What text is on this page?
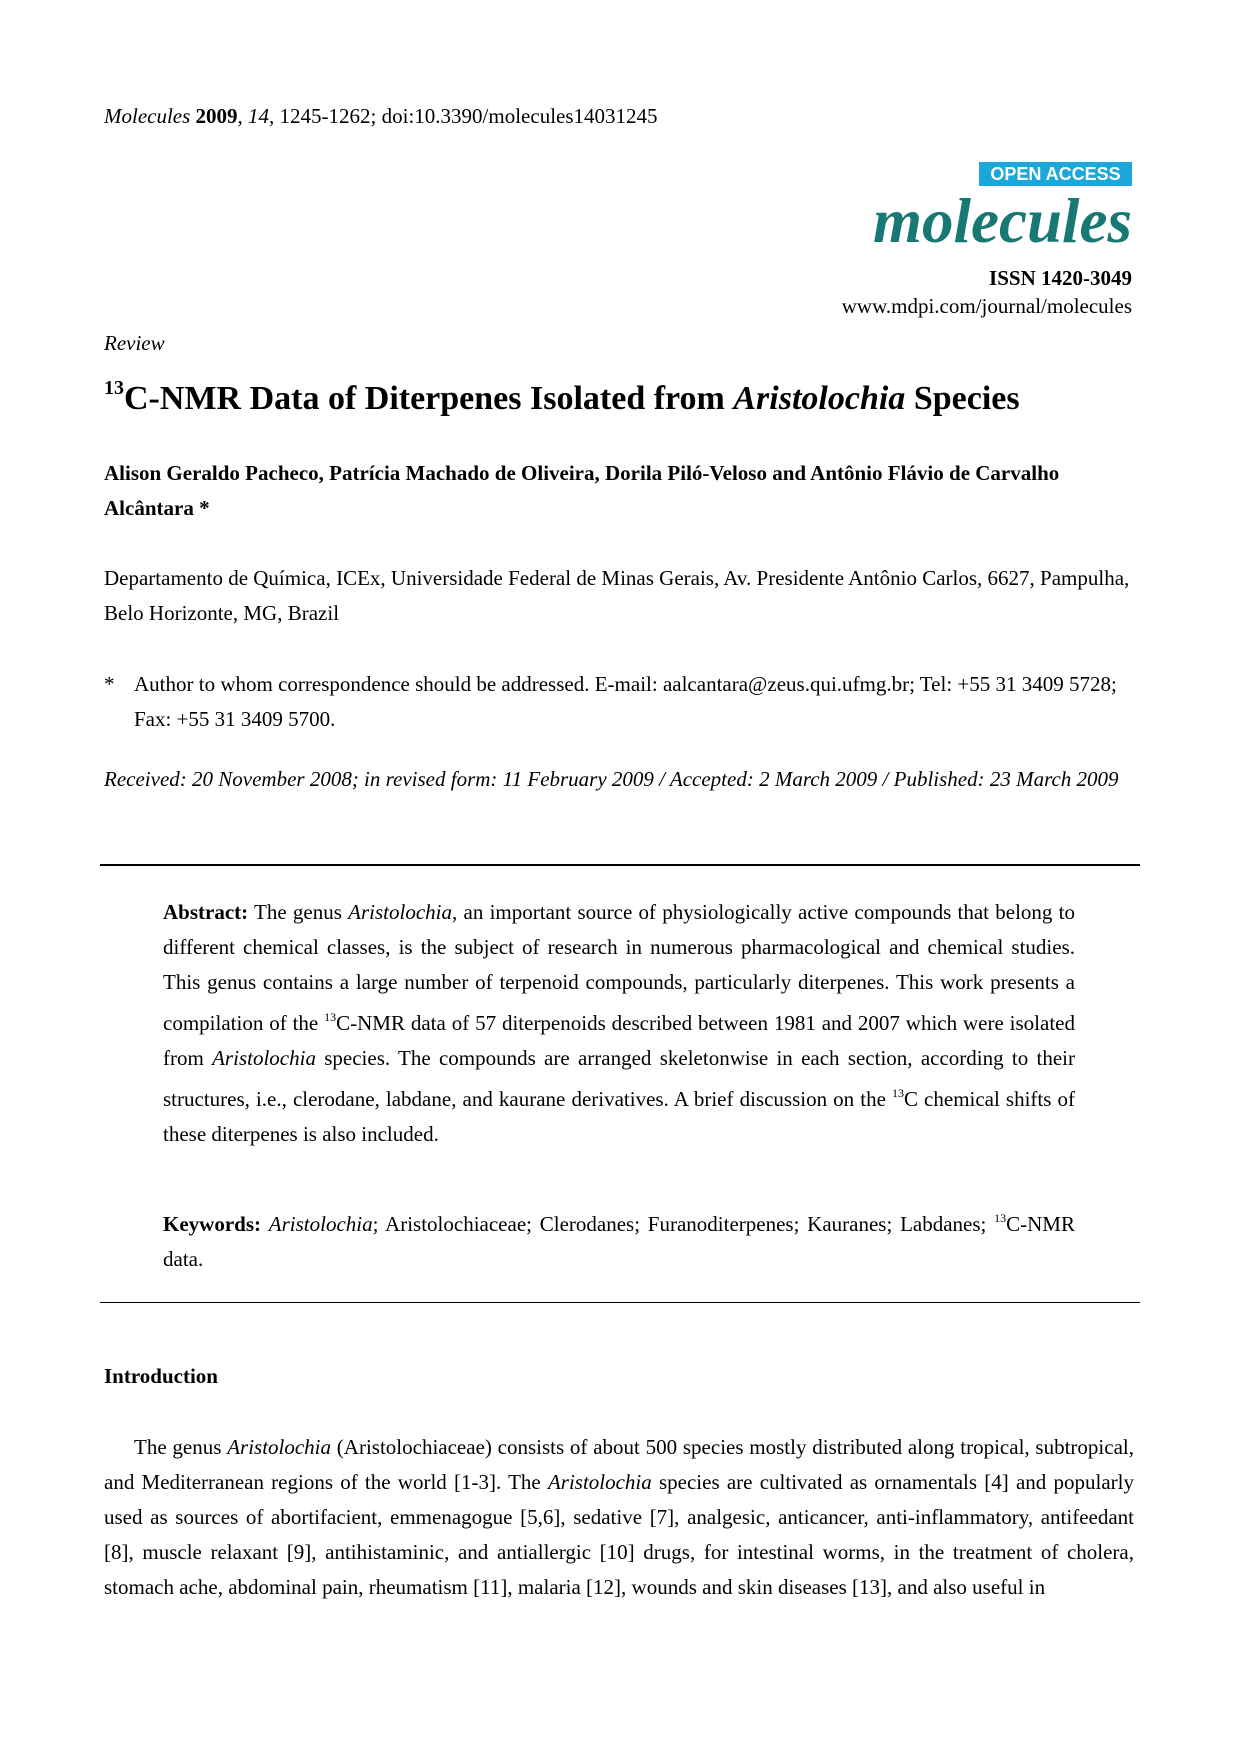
Molecules 2009, 14, 1245-1262; doi:10.3390/molecules14031245
OPEN ACCESS
molecules
ISSN 1420-3049
www.mdpi.com/journal/molecules
Review
$^{13}$C-NMR Data of Diterpenes Isolated from Aristolochia Species
Alison Geraldo Pacheco, Patrícia Machado de Oliveira, Dorila Piló-Veloso and Antônio Flávio de Carvalho Alcântara *
Departamento de Química, ICEx, Universidade Federal de Minas Gerais, Av. Presidente Antônio Carlos, 6627, Pampulha, Belo Horizonte, MG, Brazil
* Author to whom correspondence should be addressed. E-mail: aalcantara@zeus.qui.ufmg.br; Tel: +55 31 3409 5728; Fax: +55 31 3409 5700.
Received: 20 November 2008; in revised form: 11 February 2009 / Accepted: 2 March 2009 / Published: 23 March 2009
Abstract: The genus Aristolochia, an important source of physiologically active compounds that belong to different chemical classes, is the subject of research in numerous pharmacological and chemical studies. This genus contains a large number of terpenoid compounds, particularly diterpenes. This work presents a compilation of the $^{13}$C-NMR data of 57 diterpenoids described between 1981 and 2007 which were isolated from Aristolochia species. The compounds are arranged skeletonwise in each section, according to their structures, i.e., clerodane, labdane, and kaurane derivatives. A brief discussion on the $^{13}$C chemical shifts of these diterpenes is also included.
Keywords: Aristolochia; Aristolochiaceae; Clerodanes; Furanoditerpenes; Kauranes; Labdanes; $^{13}$C-NMR data.
Introduction
The genus Aristolochia (Aristolochiaceae) consists of about 500 species mostly distributed along tropical, subtropical, and Mediterranean regions of the world [1-3]. The Aristolochia species are cultivated as ornamentals [4] and popularly used as sources of abortifacient, emmenagogue [5,6], sedative [7], analgesic, anticancer, anti-inflammatory, antifeedant [8], muscle relaxant [9], antihistaminic, and antiallergic [10] drugs, for intestinal worms, in the treatment of cholera, stomach ache, abdominal pain, rheumatism [11], malaria [12], wounds and skin diseases [13], and also useful in
